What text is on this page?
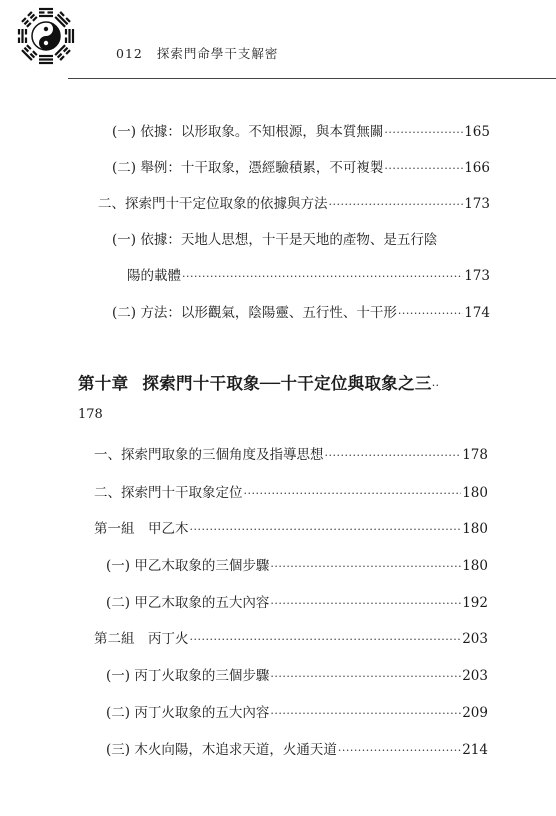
012 探索門命學干支解密
(一) 依據：以形取象。不知根源，與本質無關 ·····	165
(二) 舉例：十干取象，憑經驗積累，不可複製 ·····	166
二、探索門十干定位取象的依據與方法 ·····	173
(一) 依據：天地人思想，十干是天地的產物、是五行陰
陽的載體 ·····	173
(二) 方法：以形觀氣，陰陽靈、五行性、十干形 ·····	174
第十章 探索門十干取象──十干定位與取象之三··
178
一、探索門取象的三個角度及指導思想 ·····	178
二、探索門十干取象定位 ·····	180
第一組　甲乙木 ·····	180
(一) 甲乙木取象的三個步驟 ·····	180
(二) 甲乙木取象的五大內容 ·····	192
第二組　丙丁火 ·····	203
(一) 丙丁火取象的三個步驟 ·····	203
(二) 丙丁火取象的五大內容 ·····	209
(三) 木火向陽，木追求天道，火通天道 ·····	214
